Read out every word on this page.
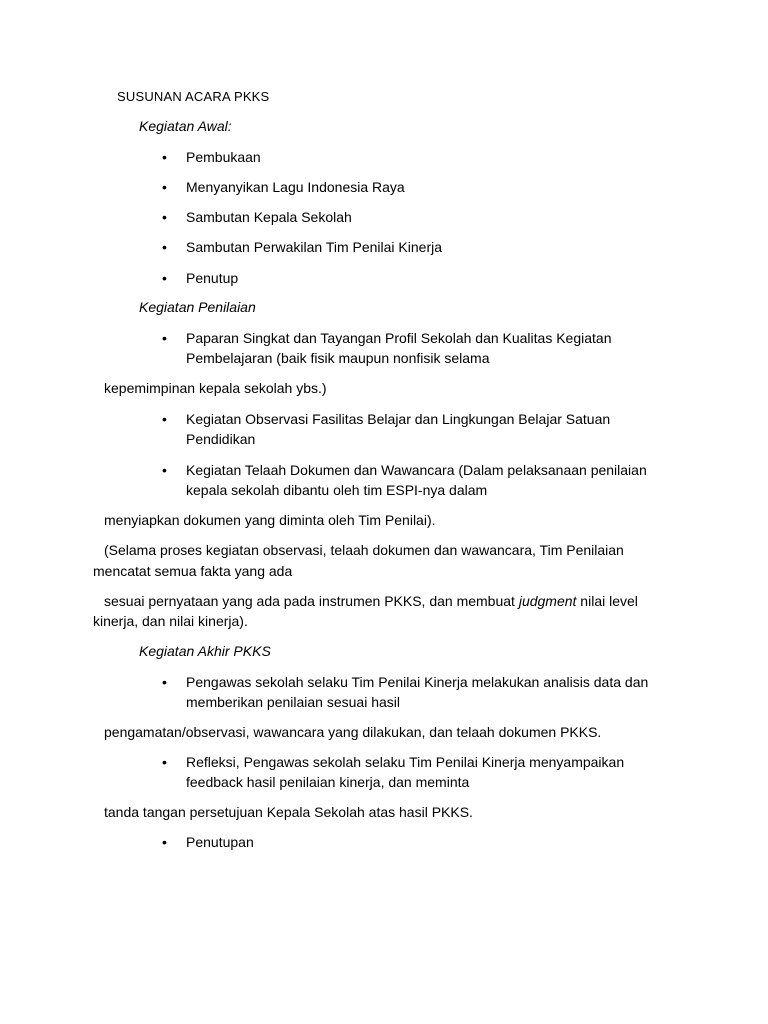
SUSUNAN ACARA PKKS
Kegiatan Awal:
• Pembukaan
• Menyanyikan Lagu Indonesia Raya
• Sambutan Kepala Sekolah
• Sambutan Perwakilan Tim Penilai Kinerja
• Penutup
Kegiatan Penilaian
• Paparan Singkat dan Tayangan Profil Sekolah dan Kualitas Kegiatan
Pembelajaran (baik fisik maupun nonfisik selama
kepemimpinan kepala sekolah ybs.)
• Kegiatan Observasi Fasilitas Belajar dan Lingkungan Belajar Satuan
Pendidikan
• Kegiatan Telaah Dokumen dan Wawancara (Dalam pelaksanaan penilaian
kepala sekolah dibantu oleh tim ESPI-nya dalam
menyiapkan dokumen yang diminta oleh Tim Penilai).
(Selama proses kegiatan observasi, telaah dokumen dan wawancara, Tim Penilaian
mencatat semua fakta yang ada
sesuai pernyataan yang ada pada instrumen PKKS, dan membuat judgment nilai level
kinerja, dan nilai kinerja).
Kegiatan Akhir PKKS
• Pengawas sekolah selaku Tim Penilai Kinerja melakukan analisis data dan
memberikan penilaian sesuai hasil
pengamatan/observasi, wawancara yang dilakukan, dan telaah dokumen PKKS.
• Refleksi, Pengawas sekolah selaku Tim Penilai Kinerja menyampaikan
feedback hasil penilaian kinerja, dan meminta
tanda tangan persetujuan Kepala Sekolah atas hasil PKKS.
• Penutupan
